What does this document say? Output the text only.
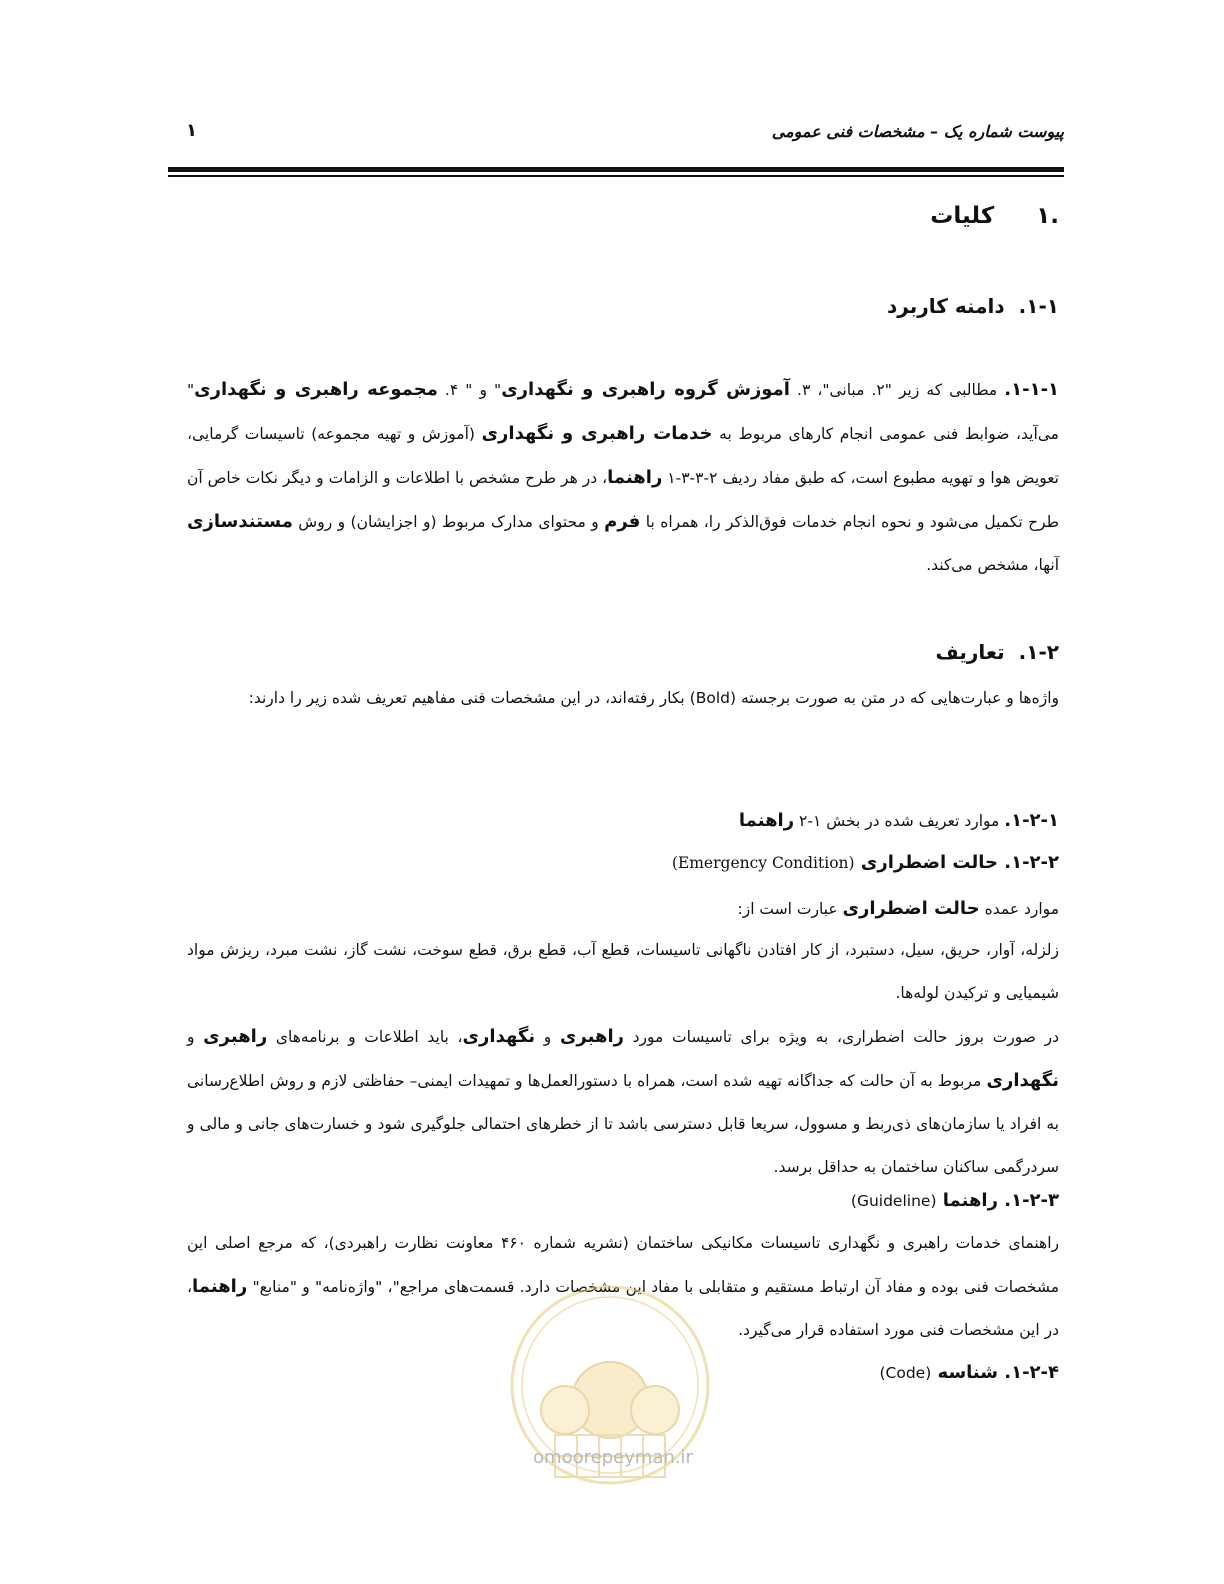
پیوست شماره یک – مشخصات فنی عمومی
۱
.۱کلیات
۱-۱.دامنه کاربرد
۱-۱-۱. مطالبی که زیر "۲. مبانی"، ۳. آموزش گروه راهبری و نگهداری" و " ۴. مجموعه راهبری و نگهداری" می‌آید، ضوابط فنی عمومی انجام کارهای مربوط به خدمات راهبری و نگهداری (آموزش و تهیه مجموعه) تاسیسات گرمایی، تعویض هوا و تهویه مطبوع است، که طبق مفاد ردیف ۲-۳-۳-۱ راهنما، در هر طرح مشخص با اطلاعات و الزامات و دیگر نکات خاص آن طرح تکمیل می‌شود و نحوه انجام خدمات فوق‌الذکر را، همراه با فرم و محتوای مدارک مربوط (و اجزایشان) و روش مستندسازی آنها، مشخص می‌کند.
۱-۲.تعاریف
واژه‌ها و عبارت‌هایی که در متن به صورت برجسته (Bold) بکار رفته‌اند، در این مشخصات فنی مفاهیم تعریف شده زیر را دارند:
۱-۲-۱. موارد تعریف شده در بخش ۱-۲ راهنما
۱-۲-۲. حالت اضطراری (Emergency Condition)
موارد عمده حالت اضطراری عبارت است از:
زلزله، آوار، حریق، سیل، دستبرد، از کار افتادن ناگهانی تاسیسات، قطع آب، قطع برق، قطع سوخت، نشت گاز، نشت مبرد، ریزش مواد شیمیایی و ترکیدن لوله‌ها.
در صورت بروز حالت اضطراری، به ویژه برای تاسیسات مورد راهبری و نگهداری، باید اطلاعات و برنامه‌های راهبری و نگهداری مربوط به آن حالت که جداگانه تهیه شده است، همراه با دستورالعمل‌ها و تمهیدات ایمنی– حفاظتی لازم و روش اطلاع‌رسانی به افراد یا سازمان‌های ذی‌ربط و مسوول، سریعا قابل دسترسی باشد تا از خطرهای احتمالی جلوگیری شود و خسارت‌های جانی و مالی و سردرگمی ساکنان ساختمان به حداقل برسد.
۱-۲-۳. راهنما (Guideline)
راهنمای خدمات راهبری و نگهداری تاسیسات مکانیکی ساختمان (نشریه شماره ۴۶۰ معاونت نظارت راهبردی)، که مرجع اصلی این مشخصات فنی بوده و مفاد آن ارتباط مستقیم و متقابلی با مفاد این مشخصات دارد. قسمت‌های مراجع"، "واژه‌نامه" و "منابع" راهنما، در این مشخصات فنی مورد استفاده قرار می‌گیرد.
۱-۲-۴. شناسه (Code)
omoorepeyman.ir
